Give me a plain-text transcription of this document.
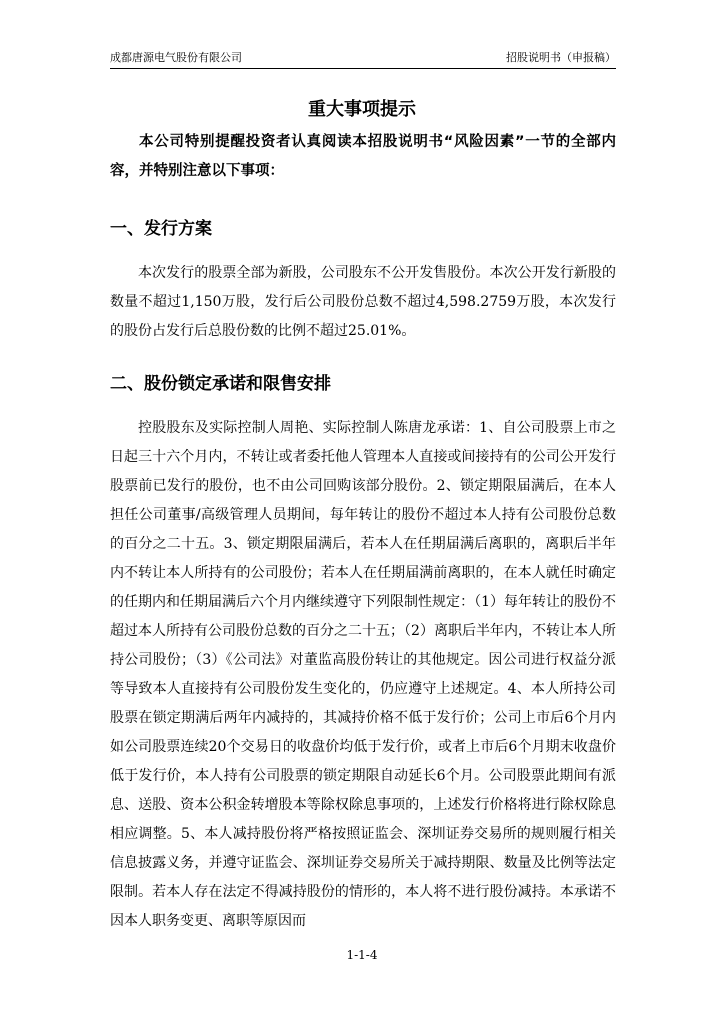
成都唐源电气股份有限公司	招股说明书（申报稿）
重大事项提示
本公司特别提醒投资者认真阅读本招股说明书“风险因素”一节的全部内容，并特别注意以下事项：
一、发行方案
本次发行的股票全部为新股，公司股东不公开发售股份。本次公开发行新股的数量不超过1,150万股，发行后公司股份总数不超过4,598.2759万股，本次发行的股份占发行后总股份数的比例不超过25.01%。
二、股份锁定承诺和限售安排
控股股东及实际控制人周艳、实际控制人陈唐龙承诺：1、自公司股票上市之日起三十六个月内，不转让或者委托他人管理本人直接或间接持有的公司公开发行股票前已发行的股份，也不由公司回购该部分股份。2、锁定期限届满后，在本人担任公司董事/高级管理人员期间，每年转让的股份不超过本人持有公司股份总数的百分之二十五。3、锁定期限届满后，若本人在任期届满后离职的，离职后半年内不转让本人所持有的公司股份；若本人在任期届满前离职的，在本人就任时确定的任期内和任期届满后六个月内继续遵守下列限制性规定：（1）每年转让的股份不超过本人所持有公司股份总数的百分之二十五；（2）离职后半年内，不转让本人所持公司股份；（3）《公司法》对董监高股份转让的其他规定。因公司进行权益分派等导致本人直接持有公司股份发生变化的，仍应遵守上述规定。4、本人所持公司股票在锁定期满后两年内减持的，其减持价格不低于发行价；公司上市后6个月内如公司股票连续20个交易日的收盘价均低于发行价，或者上市后6个月期末收盘价低于发行价，本人持有公司股票的锁定期限自动延长6个月。公司股票此期间有派息、送股、资本公积金转增股本等除权除息事项的，上述发行价格将进行除权除息相应调整。5、本人减持股份将严格按照证监会、深圳证券交易所的规则履行相关信息披露义务，并遵守证监会、深圳证券交易所关于减持期限、数量及比例等法定限制。若本人存在法定不得减持股份的情形的，本人将不进行股份减持。本承诺不因本人职务变更、离职等原因而
1-1-4
